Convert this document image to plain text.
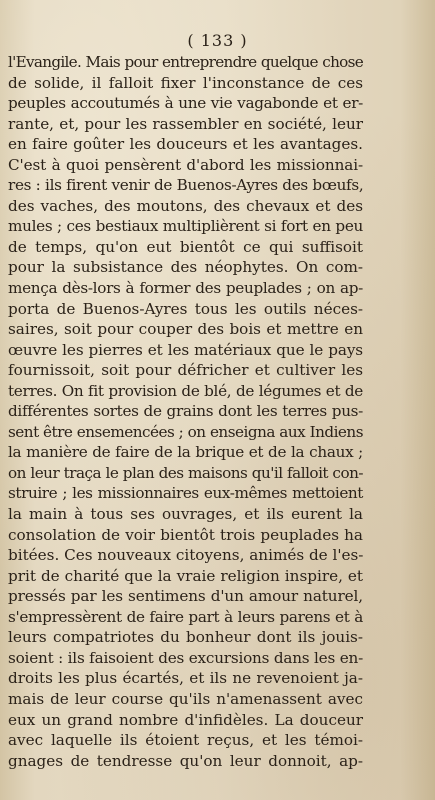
( 133 )
l'Evangile. Mais pour entreprendre quelque chose
de solide, il falloit fixer l'inconstance de ces
peuples accoutumés à une vie vagabonde et er-
rante, et, pour les rassembler en société, leur
en faire goûter les douceurs et les avantages.
C'est à quoi pensèrent d'abord les missionnai-
res : ils firent venir de Buenos-Ayres des bœufs,
des vaches, des moutons, des chevaux et des
mules ; ces bestiaux multiplièrent si fort en peu
de temps, qu'on eut bientôt ce qui suffisoit
pour la subsistance des néophytes. On com-
mença dès-lors à former des peuplades ; on ap-
porta de Buenos-Ayres tous les outils néces-
saires, soit pour couper des bois et mettre en
œuvre les pierres et les matériaux que le pays
fournissoit, soit pour défricher et cultiver les
terres. On fit provision de blé, de légumes et de
différentes sortes de grains dont les terres pus-
sent être ensemencées ; on enseigna aux Indiens
la manière de faire de la brique et de la chaux ;
on leur traça le plan des maisons qu'il falloit con-
struire ; les missionnaires eux-mêmes mettoient
la main à tous ses ouvrages, et ils eurent la
consolation de voir bientôt trois peuplades ha
bitées. Ces nouveaux citoyens, animés de l'es-
prit de charité que la vraie religion inspire, et
pressés par les sentimens d'un amour naturel,
s'empressèrent de faire part à leurs parens et à
leurs compatriotes du bonheur dont ils jouis-
soient : ils faisoient des excursions dans les en-
droits les plus écartés, et ils ne revenoient ja-
mais de leur course qu'ils n'amenassent avec
eux un grand nombre d'infidèles. La douceur
avec laquelle ils étoient reçus, et les témoi-
gnages de tendresse qu'on leur donnoit, ap-
